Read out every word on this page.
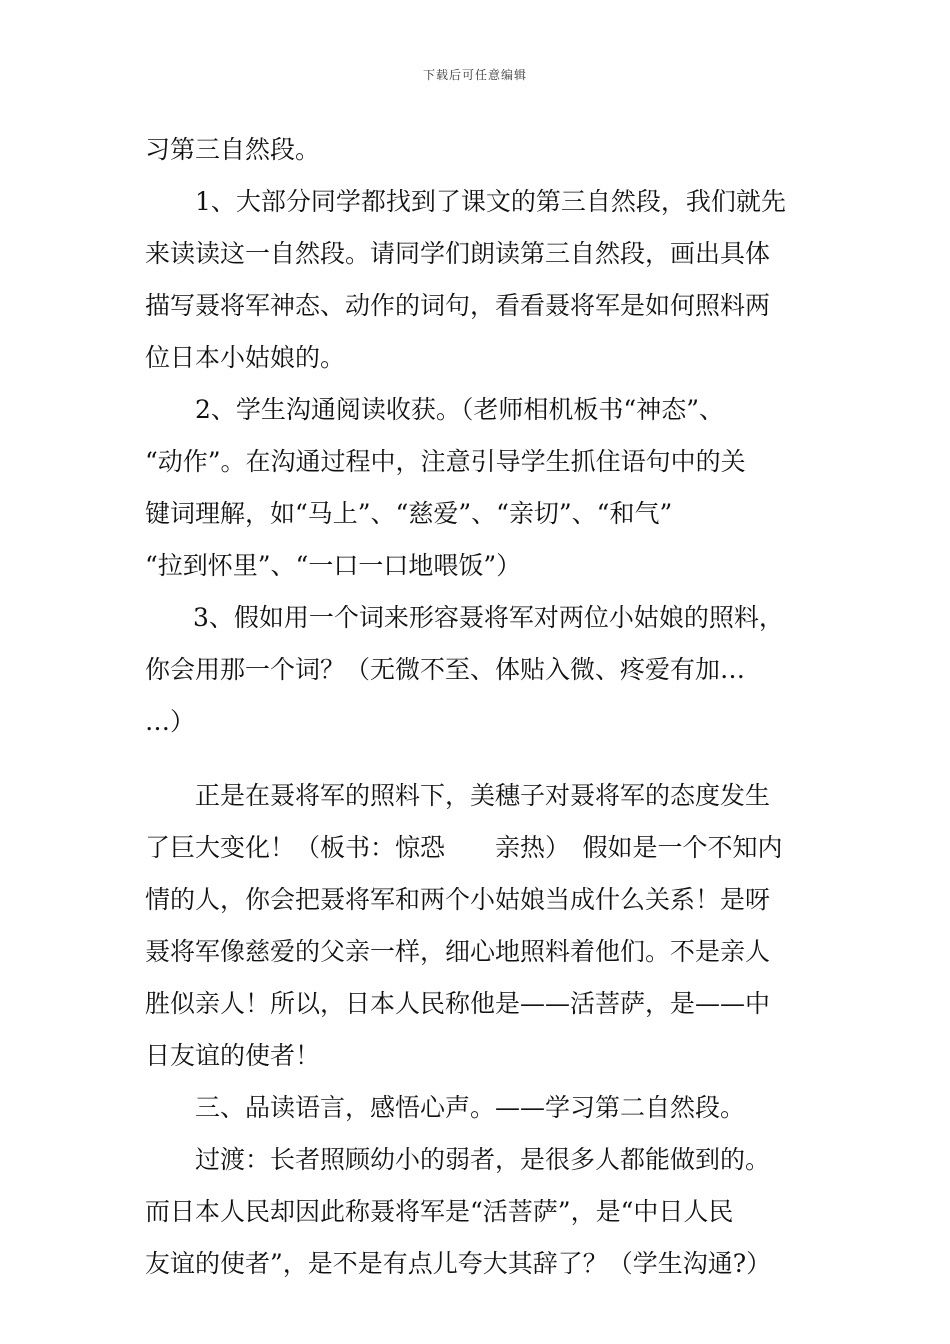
下载后可任意编辑
习第三自然段。
1、大部分同学都找到了课文的第三自然段，我们就先
来读读这一自然段。请同学们朗读第三自然段，画出具体
描写聂将军神态、动作的词句，看看聂将军是如何照料两
位日本小姑娘的。
2、学生沟通阅读收获。（老师相机板书“神态”、
“动作”。在沟通过程中，注意引导学生抓住语句中的关
键词理解，如“马上”、“慈爱”、“亲切”、“和气”
“拉到怀里”、“一口一口地喂饭”）
3、假如用一个词来形容聂将军对两位小姑娘的照料，
你会用那一个词？（无微不至、体贴入微、疼爱有加…
…）
正是在聂将军的照料下，美穗子对聂将军的态度发生
了巨大变化！（板书：惊恐　　亲热）　假如是一个不知内
情的人，你会把聂将军和两个小姑娘当成什么关系！是呀
聂将军像慈爱的父亲一样，细心地照料着他们。不是亲人
胜似亲人！所以，日本人民称他是——活菩萨，是——中
日友谊的使者！
三、品读语言，感悟心声。——学习第二自然段。
过渡：长者照顾幼小的弱者，是很多人都能做到的。
而日本人民却因此称聂将军是“活菩萨”，是“中日人民
友谊的使者”，是不是有点儿夸大其辞了？（学生沟通?）
